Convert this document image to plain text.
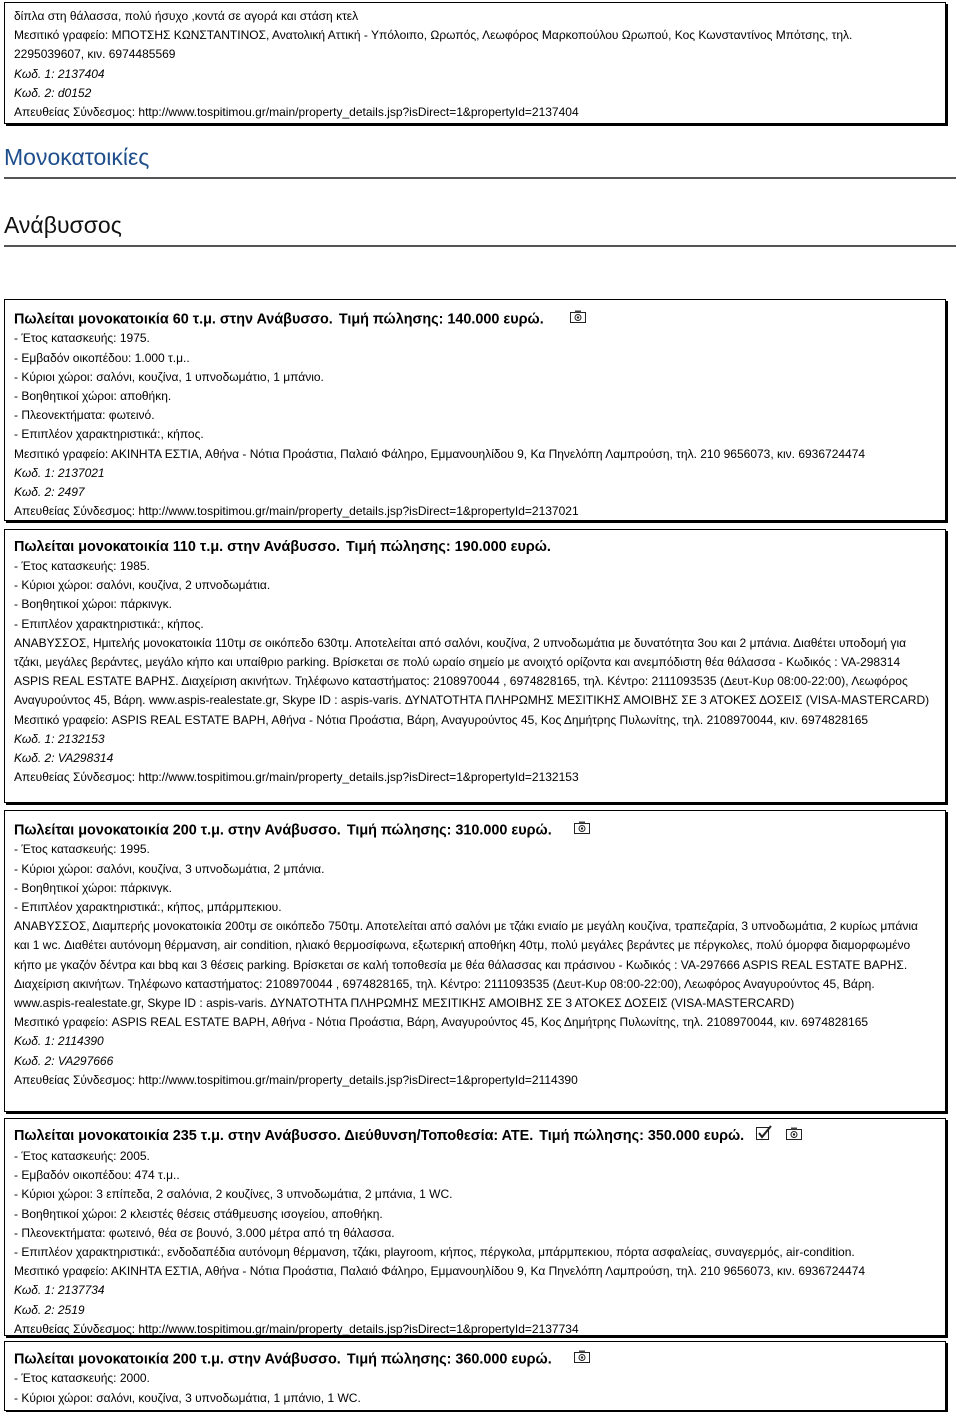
δίπλα στη θάλασσα, πολύ ήσυχο ,κοντά σε αγορά και στάση κτελ
Μεσιτικό γραφείο: ΜΠΟΤΣΗΣ ΚΩΝΣΤΑΝΤΙΝΟΣ, Ανατολική Αττική - Υπόλοιπο, Ωρωπός, Λεωφόρος Μαρκοπούλου Ωρωπού, Κος Κωνσταντίνος Μπότσης, τηλ.
2295039607, κιν. 6974485569
Κωδ. 1: 2137404
Κωδ. 2: d0152
Απευθείας Σύνδεσμος: http://www.tospitimou.gr/main/property_details.jsp?isDirect=1&propertyId=2137404
Μονοκατοικίες
Ανάβυσσος
Πωλείται μονοκατοικία 60 τ.μ. στην Ανάβυσσο. Τιμή πώλησης: 140.000 ευρώ.
- Έτος κατασκευής: 1975.
- Εμβαδόν οικοπέδου: 1.000 τ.μ..
- Κύριοι χώροι: σαλόνι, κουζίνα, 1 υπνοδωμάτιο, 1 μπάνιο.
- Βοηθητικοί χώροι: αποθήκη.
- Πλεονεκτήματα: φωτεινό.
- Επιπλέον χαρακτηριστικά:, κήπος.
Μεσιτικό γραφείο: ΑΚΙΝΗΤΑ ΕΣΤΙΑ, Αθήνα - Νότια Προάστια, Παλαιό Φάληρο, Εμμανουηλίδου 9, Κα Πηνελόπη Λαμπρούση, τηλ. 210 9656073, κιν. 6936724474
Κωδ. 1: 2137021
Κωδ. 2: 2497
Απευθείας Σύνδεσμος: http://www.tospitimou.gr/main/property_details.jsp?isDirect=1&propertyId=2137021
Πωλείται μονοκατοικία 110 τ.μ. στην Ανάβυσσο. Τιμή πώλησης: 190.000 ευρώ.
- Έτος κατασκευής: 1985.
- Κύριοι χώροι: σαλόνι, κουζίνα, 2 υπνοδωμάτια.
- Βοηθητικοί χώροι: πάρκινγκ.
- Επιπλέον χαρακτηριστικά:, κήπος.
ΑΝΑΒΥΣΣΟΣ, Ημιτελής μονοκατοικία 110τμ σε οικόπεδο 630τμ. Αποτελείται από σαλόνι, κουζίνα, 2 υπνοδωμάτια με δυνατότητα 3ου και 2 μπάνια. Διαθέτει υποδομή για τζάκι, μεγάλες βεράντες, μεγάλο κήπο και υπαίθριο parking. Βρίσκεται σε πολύ ωραίο σημείο με ανοιχτό ορίζοντα και ανεμπόδιστη θέα θάλασσα - Κωδικός : VA-298314 ASPIS REAL ESTATE ΒΑΡΗΣ. Διαχείριση ακινήτων. Τηλέφωνο καταστήματος: 2108970044 , 6974828165, τηλ. Κέντρο: 2111093535 (Δευτ-Κυρ 08:00-22:00), Λεωφόρος Αναγυρούντος 45, Βάρη. www.aspis-realestate.gr, Skype ID : aspis-varis. ΔΥΝΑΤΟΤΗΤΑ ΠΛΗΡΩΜΗΣ ΜΕΣΙΤΙΚΗΣ ΑΜΟΙΒΗΣ ΣΕ 3 ΑΤΟΚΕΣ ΔΟΣΕΙΣ (VISA-MASTERCARD)
Μεσιτικό γραφείο: ASPIS REAL ESTATE ΒΑΡΗ, Αθήνα - Νότια Προάστια, Βάρη, Αναγυρούντος 45, Κος Δημήτρης Πυλωνίτης, τηλ. 2108970044, κιν. 6974828165
Κωδ. 1: 2132153
Κωδ. 2: VA298314
Απευθείας Σύνδεσμος: http://www.tospitimou.gr/main/property_details.jsp?isDirect=1&propertyId=2132153
Πωλείται μονοκατοικία 200 τ.μ. στην Ανάβυσσο. Τιμή πώλησης: 310.000 ευρώ.
- Έτος κατασκευής: 1995.
- Κύριοι χώροι: σαλόνι, κουζίνα, 3 υπνοδωμάτια, 2 μπάνια.
- Βοηθητικοί χώροι: πάρκινγκ.
- Επιπλέον χαρακτηριστικά:, κήπος, μπάρμπεκιου.
ΑΝΑΒΥΣΣΟΣ, Διαμπερής μονοκατοικία 200τμ σε οικόπεδο 750τμ. Αποτελείται από σαλόνι με τζάκι ενιαίο με μεγάλη κουζίνα, τραπεζαρία, 3 υπνοδωμάτια, 2 κυρίως μπάνια και 1 wc. Διαθέτει αυτόνομη θέρμανση, air condition, ηλιακό θερμοσίφωνα, εξωτερική αποθήκη 40τμ, πολύ μεγάλες βεράντες με πέργκολες, πολύ όμορφα διαμορφωμένο κήπο με γκαζόν δέντρα και bbq και 3 θέσεις parking. Βρίσκεται σε καλή τοποθεσία με θέα θάλασσας και πράσινου - Κωδικός : VA-297666 ASPIS REAL ESTATE ΒΑΡΗΣ. Διαχείριση ακινήτων. Τηλέφωνο καταστήματος: 2108970044 , 6974828165, τηλ. Κέντρο: 2111093535 (Δευτ-Κυρ 08:00-22:00), Λεωφόρος Αναγυρούντος 45, Βάρη. www.aspis-realestate.gr, Skype ID : aspis-varis. ΔΥΝΑΤΟΤΗΤΑ ΠΛΗΡΩΜΗΣ ΜΕΣΙΤΙΚΗΣ ΑΜΟΙΒΗΣ ΣΕ 3 ΑΤΟΚΕΣ ΔΟΣΕΙΣ (VISA-MASTERCARD)
Μεσιτικό γραφείο: ASPIS REAL ESTATE ΒΑΡΗ, Αθήνα - Νότια Προάστια, Βάρη, Αναγυρούντος 45, Κος Δημήτρης Πυλωνίτης, τηλ. 2108970044, κιν. 6974828165
Κωδ. 1: 2114390
Κωδ. 2: VA297666
Απευθείας Σύνδεσμος: http://www.tospitimou.gr/main/property_details.jsp?isDirect=1&propertyId=2114390
Πωλείται μονοκατοικία 235 τ.μ. στην Ανάβυσσο. Διεύθυνση/Τοποθεσία: ΑΤΕ. Τιμή πώλησης: 350.000 ευρώ.
- Έτος κατασκευής: 2005.
- Εμβαδόν οικοπέδου: 474 τ.μ..
- Κύριοι χώροι: 3 επίπεδα, 2 σαλόνια, 2 κουζίνες, 3 υπνοδωμάτια, 2 μπάνια, 1 WC.
- Βοηθητικοί χώροι: 2 κλειστές θέσεις στάθμευσης ισογείου, αποθήκη.
- Πλεονεκτήματα: φωτεινό, θέα σε βουνό, 3.000 μέτρα από τη θάλασσα.
- Επιπλέον χαρακτηριστικά:, ενδοδαπέδια αυτόνομη θέρμανση, τζάκι, playroom, κήπος, πέργκολα, μπάρμπεκιου, πόρτα ασφαλείας, συναγερμός, air-condition.
Μεσιτικό γραφείο: ΑΚΙΝΗΤΑ ΕΣΤΙΑ, Αθήνα - Νότια Προάστια, Παλαιό Φάληρο, Εμμανουηλίδου 9, Κα Πηνελόπη Λαμπρούση, τηλ. 210 9656073, κιν. 6936724474
Κωδ. 1: 2137734
Κωδ. 2: 2519
Απευθείας Σύνδεσμος: http://www.tospitimou.gr/main/property_details.jsp?isDirect=1&propertyId=2137734
Πωλείται μονοκατοικία 200 τ.μ. στην Ανάβυσσο. Τιμή πώλησης: 360.000 ευρώ.
- Έτος κατασκευής: 2000.
- Κύριοι χώροι: σαλόνι, κουζίνα, 3 υπνοδωμάτια, 1 μπάνιο, 1 WC.
